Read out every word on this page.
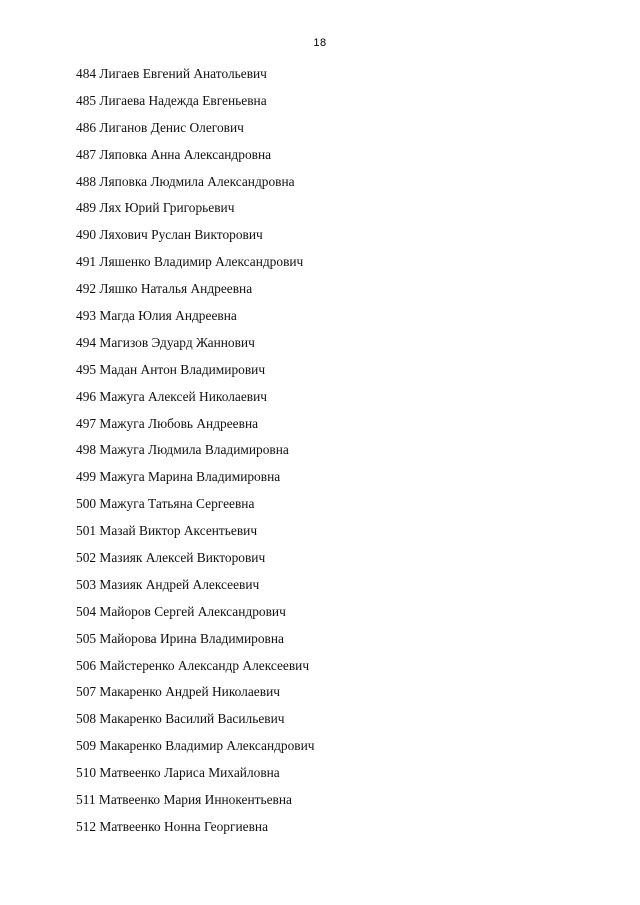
18
484 Лигаев Евгений Анатольевич
485 Лигаева Надежда Евгеньевна
486 Лиганов Денис Олегович
487 Ляповка Анна Александровна
488 Ляповка Людмила Александровна
489 Лях Юрий Григорьевич
490 Ляхович Руслан Викторович
491 Ляшенко Владимир Александрович
492 Ляшко Наталья Андреевна
493 Магда Юлия Андреевна
494 Магизов Эдуард Жаннович
495 Мадан Антон Владимирович
496 Мажуга Алексей Николаевич
497 Мажуга Любовь Андреевна
498 Мажуга Людмила Владимировна
499 Мажуга Марина Владимировна
500 Мажуга Татьяна Сергеевна
501 Мазай Виктор Аксентьевич
502 Мазияк Алексей Викторович
503 Мазияк Андрей Алексеевич
504 Майоров Сергей Александрович
505 Майорова Ирина Владимировна
506 Майстеренко Александр Алексеевич
507 Макаренко Андрей Николаевич
508 Макаренко Василий Васильевич
509 Макаренко Владимир Александрович
510 Матвеенко Лариса Михайловна
511 Матвеенко Мария Иннокентьевна
512 Матвеенко Нонна Георгиевна
